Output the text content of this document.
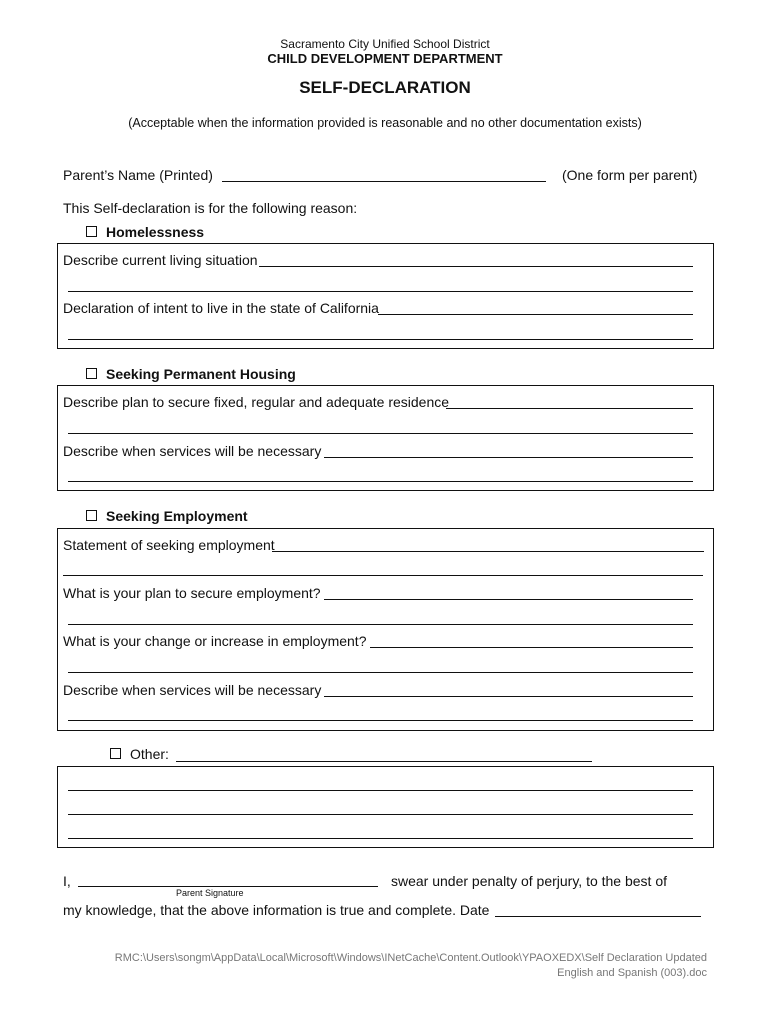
Sacramento City Unified School District
CHILD DEVELOPMENT DEPARTMENT
SELF-DECLARATION
(Acceptable when the information provided is reasonable and no other documentation exists)
Parent’s Name (Printed)	(One form per parent)
This Self-declaration is for the following reason:
Homelessness
Describe current living situation
Declaration of intent to live in the state of California
Seeking Permanent Housing
Describe plan to secure fixed, regular and adequate residence
Describe when services will be necessary
Seeking Employment
Statement of seeking employment
What is your plan to secure employment?
What is your change or increase in employment?
Describe when services will be necessary
Other:
I,
Parent Signature
swear under penalty of perjury, to the best of
my knowledge, that the above information is true and complete. Date
RMC:\Users\songm\AppData\Local\Microsoft\Windows\INetCache\Content.Outlook\YPAOXEDX\Self Declaration Updated
English and Spanish (003).doc
